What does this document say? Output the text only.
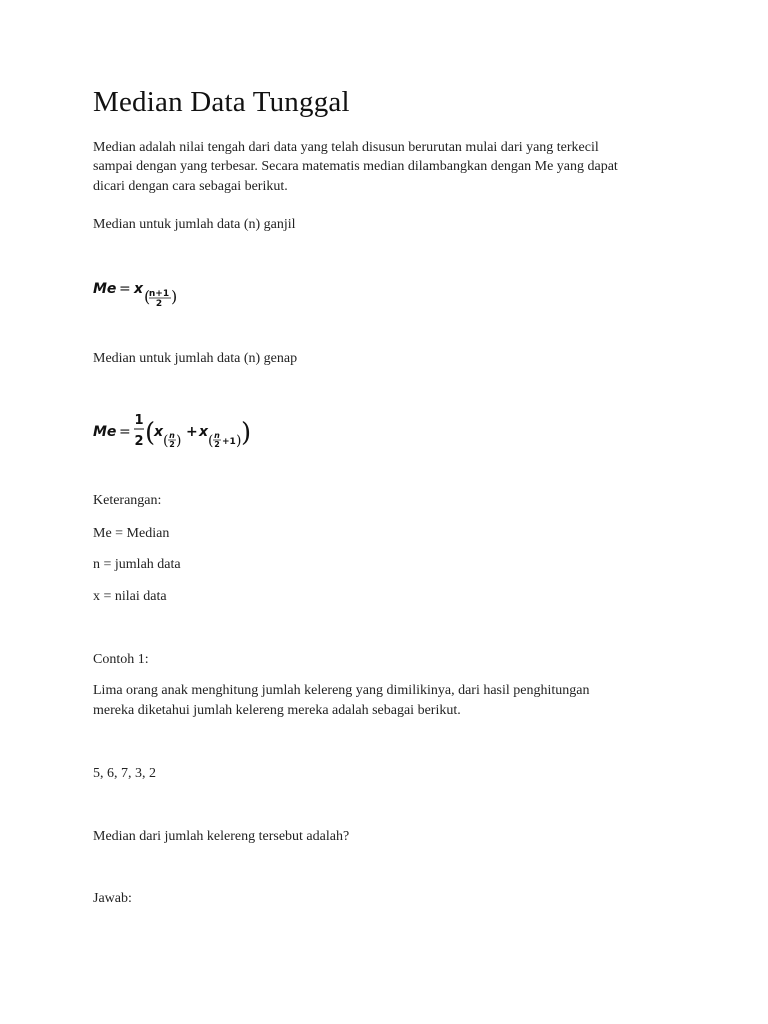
Median Data Tunggal

Median adalah nilai tengah dari data yang telah disusun berurutan mulai dari yang terkecil

sampai dengan yang terbesar. Secara matematis median dilambangkan dengan Me yang dapat

dicari dengan cara sebagai berikut.

Median untuk jumlah data (n) ganjil

Me = x (
n+1
2 )

Median untuk jumlah data (n) genap

Me =
1
2 (
x
( n
2 )
+ x
( n
2 +1 ) )

Keterangan:

Me = Median

n = jumlah data

x = nilai data

Contoh 1:

Lima orang anak menghitung jumlah kelereng yang dimilikinya, dari hasil penghitungan

mereka diketahui jumlah kelereng mereka adalah sebagai berikut.

5, 6, 7, 3, 2

Median dari jumlah kelereng tersebut adalah?

Jawab:
